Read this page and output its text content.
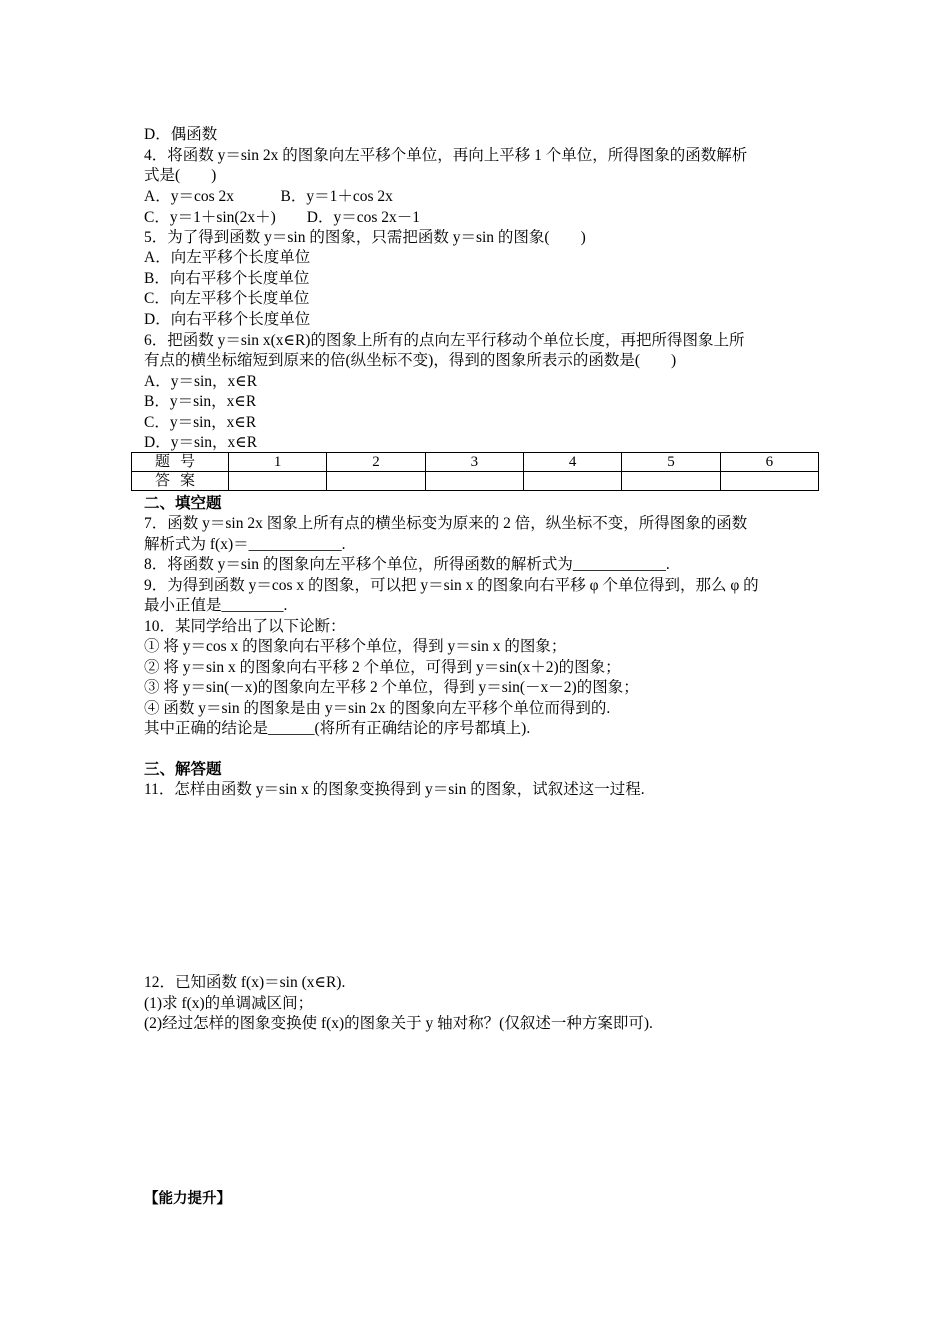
D．偶函数
4．将函数 y＝sin 2x 的图象向左平移个单位，再向上平移 1 个单位，所得图象的函数解析
式是(　　)
A．y＝cos 2x　　　B．y＝1＋cos 2x
C．y＝1＋sin(2x＋)　　D．y＝cos 2x－1
5．为了得到函数 y＝sin 的图象，只需把函数 y＝sin 的图象(　　)
A．向左平移个长度单位
B．向右平移个长度单位
C．向左平移个长度单位
D．向右平移个长度单位
6．把函数 y＝sin x(x∈R)的图象上所有的点向左平行移动个单位长度，再把所得图象上所
有点的横坐标缩短到原来的倍(纵坐标不变)，得到的图象所表示的函数是(　　)
A．y＝sin，x∈R
B．y＝sin，x∈R
C．y＝sin，x∈R
D．y＝sin，x∈R
题号	1	2	3	4	5	6
答案						
二、填空题
7．函数 y＝sin 2x 图象上所有点的横坐标变为原来的 2 倍，纵坐标不变，所得图象的函数
解析式为 f(x)＝____________.
8．将函数 y＝sin 的图象向左平移个单位，所得函数的解析式为____________.
9．为得到函数 y＝cos x 的图象，可以把 y＝sin x 的图象向右平移 φ 个单位得到，那么 φ 的
最小正值是________.
10．某同学给出了以下论断：
① 将 y＝cos x 的图象向右平移个单位，得到 y＝sin x 的图象；
② 将 y＝sin x 的图象向右平移 2 个单位，可得到 y＝sin(x＋2)的图象；
③ 将 y＝sin(－x)的图象向左平移 2 个单位，得到 y＝sin(－x－2)的图象；
④ 函数 y＝sin 的图象是由 y＝sin 2x 的图象向左平移个单位而得到的.
其中正确的结论是______(将所有正确结论的序号都填上).
三、解答题
11．怎样由函数 y＝sin x 的图象变换得到 y＝sin 的图象，试叙述这一过程.
12．已知函数 f(x)＝sin (x∈R).
(1)求 f(x)的单调减区间；
(2)经过怎样的图象变换使 f(x)的图象关于 y 轴对称？(仅叙述一种方案即可).
【能力提升】
